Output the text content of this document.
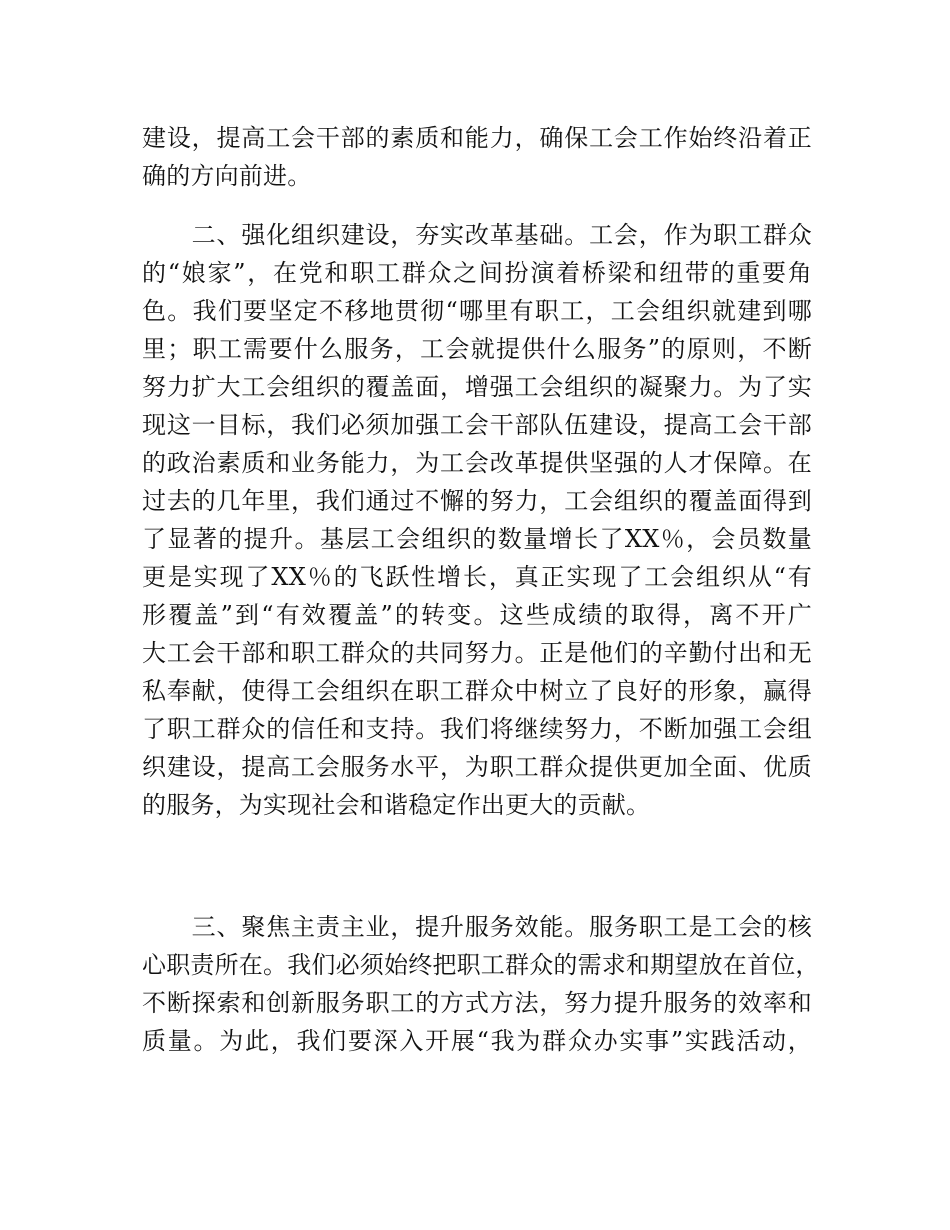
建设，提高工会干部的素质和能力，确保工会工作始终沿着正
确的方向前进。
　　二、强化组织建设，夯实改革基础。工会，作为职工群众
的“娘家”，在党和职工群众之间扮演着桥梁和纽带的重要角
色。我们要坚定不移地贯彻“哪里有职工，工会组织就建到哪
里；职工需要什么服务，工会就提供什么服务”的原则，不断
努力扩大工会组织的覆盖面，增强工会组织的凝聚力。为了实
现这一目标，我们必须加强工会干部队伍建设，提高工会干部
的政治素质和业务能力，为工会改革提供坚强的人才保障。在
过去的几年里，我们通过不懈的努力，工会组织的覆盖面得到
了显著的提升。基层工会组织的数量增长了XX％，会员数量
更是实现了XX％的飞跃性增长，真正实现了工会组织从“有
形覆盖”到“有效覆盖”的转变。这些成绩的取得，离不开广
大工会干部和职工群众的共同努力。正是他们的辛勤付出和无
私奉献，使得工会组织在职工群众中树立了良好的形象，赢得
了职工群众的信任和支持。我们将继续努力，不断加强工会组
织建设，提高工会服务水平，为职工群众提供更加全面、优质
的服务，为实现社会和谐稳定作出更大的贡献。
　　三、聚焦主责主业，提升服务效能。服务职工是工会的核
心职责所在。我们必须始终把职工群众的需求和期望放在首位，
不断探索和创新服务职工的方式方法，努力提升服务的效率和
质量。为此，我们要深入开展“我为群众办实事”实践活动，
